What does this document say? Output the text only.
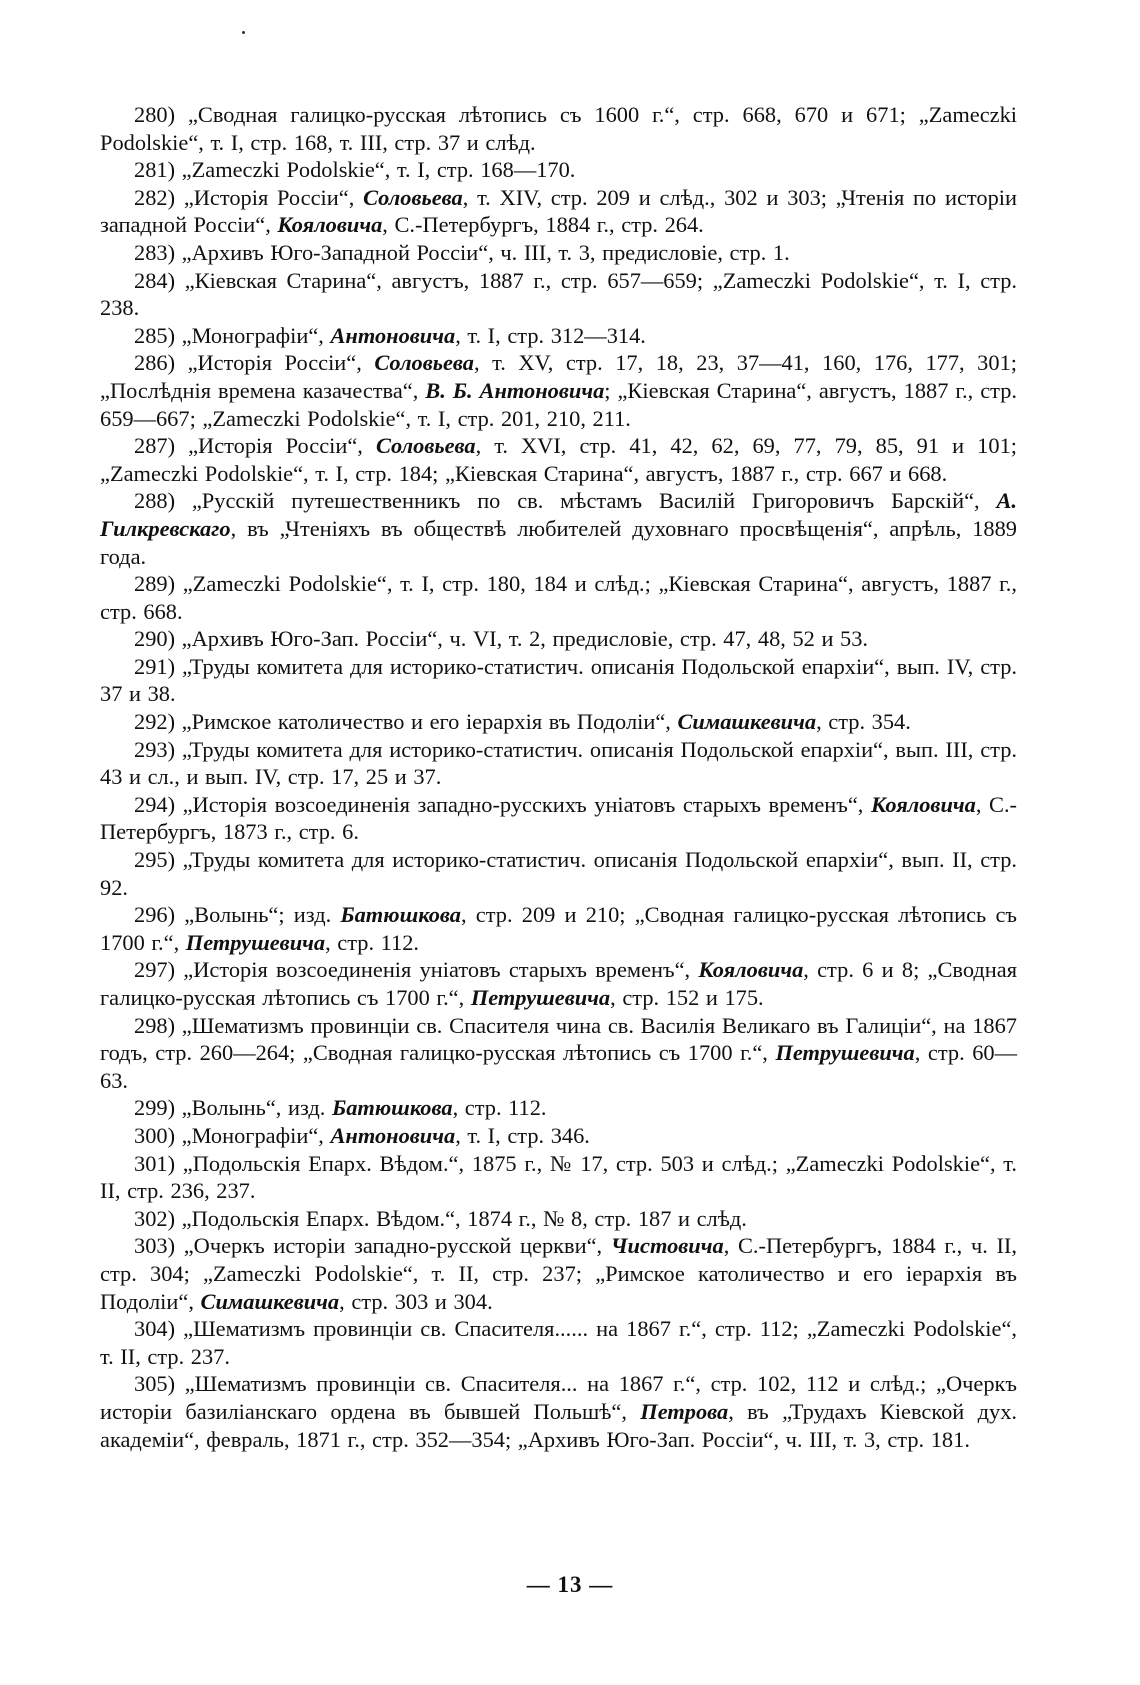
280) „Сводная галицко-русская лѣтопись съ 1600 г.“, стр. 668, 670 и 671; „Zameczki Podolskie“, т. I, стр. 168, т. III, стр. 37 и слѣд.
281) „Zameczki Podolskie“, т. I, стр. 168—170.
282) „Исторія Россіи“, Соловьева, т. XIV, стр. 209 и слѣд., 302 и 303; „Чтенія по исторіи западной Россіи“, Кояловича, С.-Петербургъ, 1884 г., стр. 264.
283) „Архивъ Юго-Западной Россіи“, ч. III, т. 3, предисловіе, стр. 1.
284) „Кіевская Старина“, августъ, 1887 г., стр. 657—659; „Zameczki Podolskie“, т. I, стр. 238.
285) „Монографіи“, Антоновича, т. I, стр. 312—314.
286) „Исторія Россіи“, Соловьева, т. XV, стр. 17, 18, 23, 37—41, 160, 176, 177, 301; „Послѣднія времена казачества“, В. Б. Антоновича; „Кіевская Старина“, августъ, 1887 г., стр. 659—667; „Zameczki Podolskie“, т. I, стр. 201, 210, 211.
287) „Исторія Россіи“, Соловьева, т. XVI, стр. 41, 42, 62, 69, 77, 79, 85, 91 и 101; „Zameczki Podolskie“, т. I, стр. 184; „Кіевская Старина“, августъ, 1887 г., стр. 667 и 668.
288) „Русскій путешественникъ по св. мѣстамъ Василій Григоровичъ Барскій“, А. Гилкревскаго, въ „Чтеніяхъ въ обществѣ любителей духовнаго просвѣщенія“, апрѣль, 1889 года.
289) „Zameczki Podolskie“, т. I, стр. 180, 184 и слѣд.; „Кіевская Старина“, августъ, 1887 г., стр. 668.
290) „Архивъ Юго-Зап. Россіи“, ч. VI, т. 2, предисловіе, стр. 47, 48, 52 и 53.
291) „Труды комитета для историко-статистич. описанія Подольской епархіи“, вып. IV, стр. 37 и 38.
292) „Римское католичество и его іерархія въ Подоліи“, Симашкевича, стр. 354.
293) „Труды комитета для историко-статистич. описанія Подольской епархіи“, вып. III, стр. 43 и сл., и вып. IV, стр. 17, 25 и 37.
294) „Исторія возсоединенія западно-русскихъ уніатовъ старыхъ временъ“, Кояловича, С.-Петербургъ, 1873 г., стр. 6.
295) „Труды комитета для историко-статистич. описанія Подольской епархіи“, вып. II, стр. 92.
296) „Волынь“; изд. Батюшкова, стр. 209 и 210; „Сводная галицко-русская лѣтопись съ 1700 г.“, Петрушевича, стр. 112.
297) „Исторія возсоединенія уніатовъ старыхъ временъ“, Кояловича, стр. 6 и 8; „Сводная галицко-русская лѣтопись съ 1700 г.“, Петрушевича, стр. 152 и 175.
298) „Шематизмъ провинціи св. Спасителя чина св. Василія Великаго въ Галиціи“, на 1867 годъ, стр. 260—264; „Сводная галицко-русская лѣтопись съ 1700 г.“, Петрушевича, стр. 60—63.
299) „Волынь“, изд. Батюшкова, стр. 112.
300) „Монографіи“, Антоновича, т. I, стр. 346.
301) „Подольскія Епарх. Вѣдом.“, 1875 г., № 17, стр. 503 и слѣд.; „Zameczki Podolskie“, т. II, стр. 236, 237.
302) „Подольскія Епарх. Вѣдом.“, 1874 г., № 8, стр. 187 и слѣд.
303) „Очеркъ исторіи западно-русской церкви“, Чистовича, С.-Петербургъ, 1884 г., ч. II, стр. 304; „Zameczki Podolskie“, т. II, стр. 237; „Римское католичество и его іерархія въ Подоліи“, Симашкевича, стр. 303 и 304.
304) „Шематизмъ провинціи св. Спасителя...... на 1867 г.“, стр. 112; „Zameczki Podolskie“, т. II, стр. 237.
305) „Шематизмъ провинціи св. Спасителя... на 1867 г.“, стр. 102, 112 и слѣд.; „Очеркъ исторіи базиліанскаго ордена въ бывшей Польшѣ“, Петрова, въ „Трудахъ Кіевской дух. академіи“, февраль, 1871 г., стр. 352—354; „Архивъ Юго-Зап. Россіи“, ч. III, т. 3, стр. 181.
— 13 —
